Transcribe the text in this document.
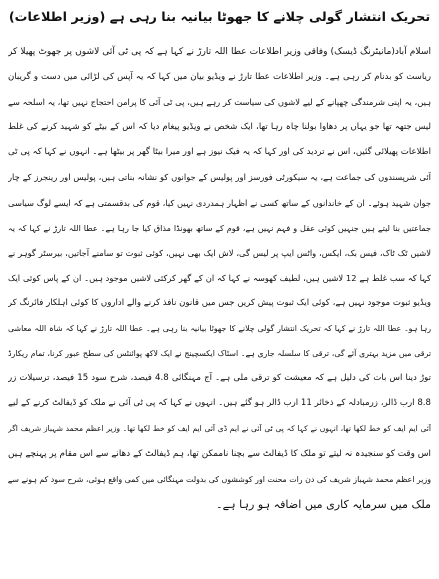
تحریک انتشار گولی چلانے کا جھوٹا بیانیہ بنا رہی ہے (وزیر اطلاعات)
اسلام آباد(مانیٹرنگ ڈیسک) وفاقی وزیر اطلاعات عطا اللہ تارڑ نے کہا ہے کہ پی ٹی آئی لاشوں پر جھوٹ پھیلا کر
ریاست کو بدنام کر رہی ہے۔ وزیر اطلاعات عطا تارڑ نے ویڈیو بیان میں کہا کہ یہ آپس کی لڑائی میں دست و گریبان
ہیں، یہ اپنی شرمندگی چھپانے کے لیے لاشوں کی سیاست کر رہے ہیں، پی ٹی آئی کا پرامن احتجاج نہیں تھا، یہ اسلحہ سے
لیس جتھہ تھا جو یہاں پر دھاوا بولنا چاہ رہا تھا، ایک شخص نے ویڈیو پیغام دیا کہ اس کے بیٹے کو شہید کرنے کی غلط
اطلاعات پھیلائی گئیں، اس نے تردید کی اور کہا کہ یہ فیک نیوز ہے اور میرا بیٹا گھر پر بیٹھا ہے۔ انہوں نے کہا کہ پی ٹی
آئی شرپسندوں کی جماعت ہے، یہ سیکورٹی فورسز اور پولیس کے جوانوں کو نشانہ بناتی ہیں، پولیس اور رینجرز کے چار
جوان شہید ہوئے۔ ان کے خاندانوں کے ساتھ کسی نے اظہار ہمدردی نہیں کیا، قوم کی بدقسمتی ہے کہ ایسے لوگ سیاسی
جماعتیں بنا لیتے ہیں جنہیں کوئی عقل و فہم نہیں ہے، قوم کے ساتھ بھونڈا مذاق کیا جا رہا ہے۔ عطا اللہ تارڑ نے کہا کہ یہ
لاشیں ٹک ٹاک، فیس بک، ایکس، واٹس ایپ پر لیس گی، لاش ایک بھی نہیں، کوئی ثبوت تو سامنے آجاتیں، بیرسٹر گوہر نے
کہا کہ سب غلط ہے 12 لاشیں ہیں، لطیف کھوسہ نے کہا کہ ان کے گھر کرکئی لاشیں موجود ہیں۔ ان کے پاس کوئی ایک
ویڈیو ثبوت موجود نہیں ہے، کوئی ایک ثبوت پیش کریں جس میں قانون نافذ کرنے والے اداروں کا کوئی اہلکار فائرنگ کر
رہا ہو۔ عطا اللہ تارڑ نے کہا کہ تحریک انتشار گولی چلانے کا جھوٹا بیانیہ بنا رہی ہے۔ عطا اللہ تارڑ نے کہا کہ شاہ اللہ معاشی
ترقی میں مزید بہتری آئے گی، ترقی کا سلسلہ جاری ہے۔ اسٹاک ایکسچینج نے ایک لاکھ پوائنٹس کی سطح عبور کرنا، تمام ریکارڈ
توڑ دینا اس بات کی دلیل ہے کہ معیشت کو ترقی ملی ہے۔ آج مہنگائی 4.8 فیصد، شرح سود 15 فیصد، ترسیلات زر
8.8 ارب ڈالر، زرمبادلہ کے ذخائر 11 ارب ڈالر ہو گئے ہیں۔ انہوں نے کہا کہ پی ٹی آئی نے ملک کو ڈیفالٹ کرنے کے لیے
آئی ایم ایف کو خط لکھا تھا، انہوں نے کہا کہ پی ٹی آئی نے ایم ڈی آئی ایم ایف کو خط لکھا تھا۔ وزیر اعظم محمد شہباز شریف اگر
اس وقت کو سنجیدہ نہ لیتے تو ملک کا ڈیفالٹ سے بچنا ناممکن تھا، ہم ڈیفالٹ کے دھانے سے اس مقام پر پہنچے ہیں
وزیر اعظم محمد شہباز شریف کی دن رات محنت اور کوششوں کی بدولت مہنگائی میں کمی واقع ہوئی، شرح سود کم ہونے سے
ملک میں سرمایہ کاری میں اضافہ ہو رہا ہے۔
